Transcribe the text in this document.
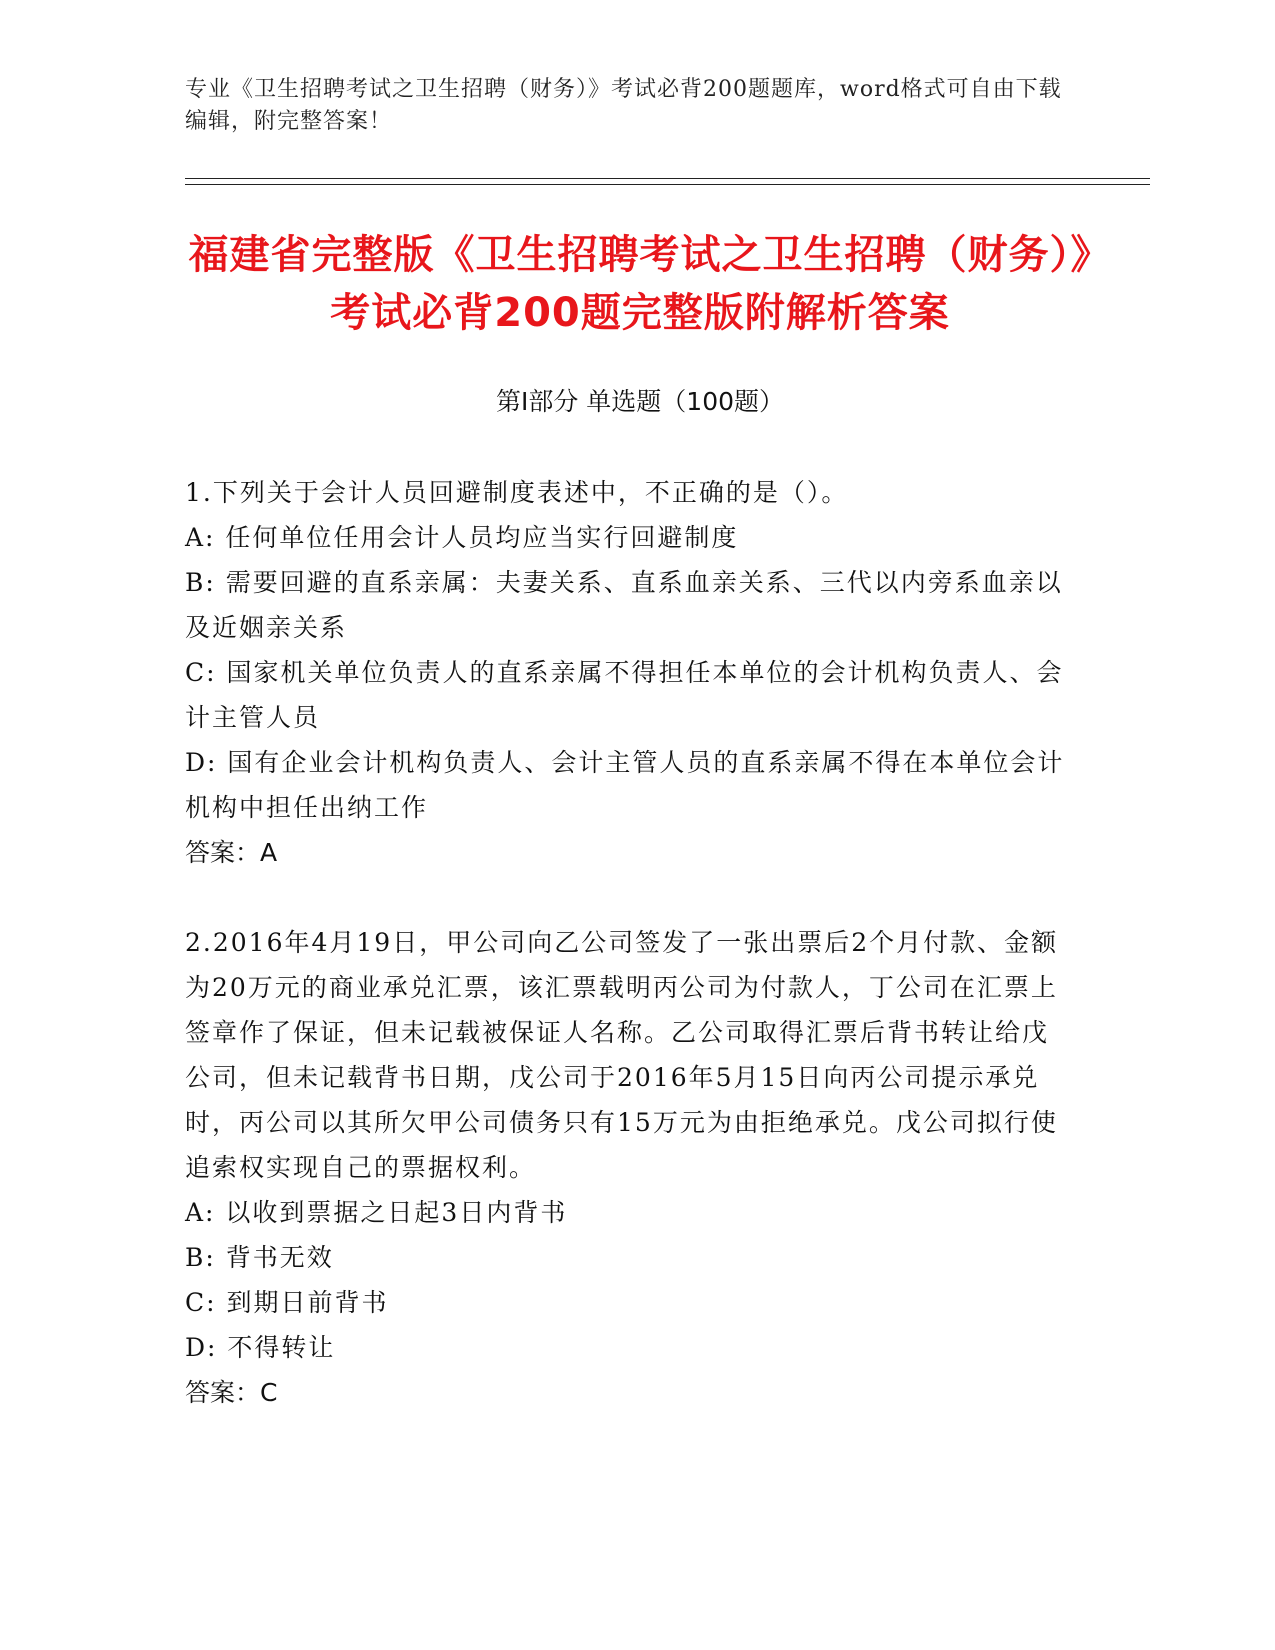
专业《卫生招聘考试之卫生招聘（财务）》考试必背200题题库，word格式可自由下载编辑，附完整答案！
福建省完整版《卫生招聘考试之卫生招聘（财务）》考试必背200题完整版附解析答案
第Ⅰ部分 单选题（100题）
1.下列关于会计人员回避制度表述中，不正确的是（）。
A: 任何单位任用会计人员均应当实行回避制度
B: 需要回避的直系亲属：夫妻关系、直系血亲关系、三代以内旁系血亲以及近姻亲关系
C: 国家机关单位负责人的直系亲属不得担任本单位的会计机构负责人、会计主管人员
D: 国有企业会计机构负责人、会计主管人员的直系亲属不得在本单位会计机构中担任出纳工作
答案：A
2.2016年4月19日，甲公司向乙公司签发了一张出票后2个月付款、金额为20万元的商业承兑汇票，该汇票载明丙公司为付款人，丁公司在汇票上签章作了保证，但未记载被保证人名称。乙公司取得汇票后背书转让给戊公司，但未记载背书日期，戊公司于2016年5月15日向丙公司提示承兑时，丙公司以其所欠甲公司债务只有15万元为由拒绝承兑。戊公司拟行使追索权实现自己的票据权利。
A: 以收到票据之日起3日内背书
B: 背书无效
C: 到期日前背书
D: 不得转让
答案：C
